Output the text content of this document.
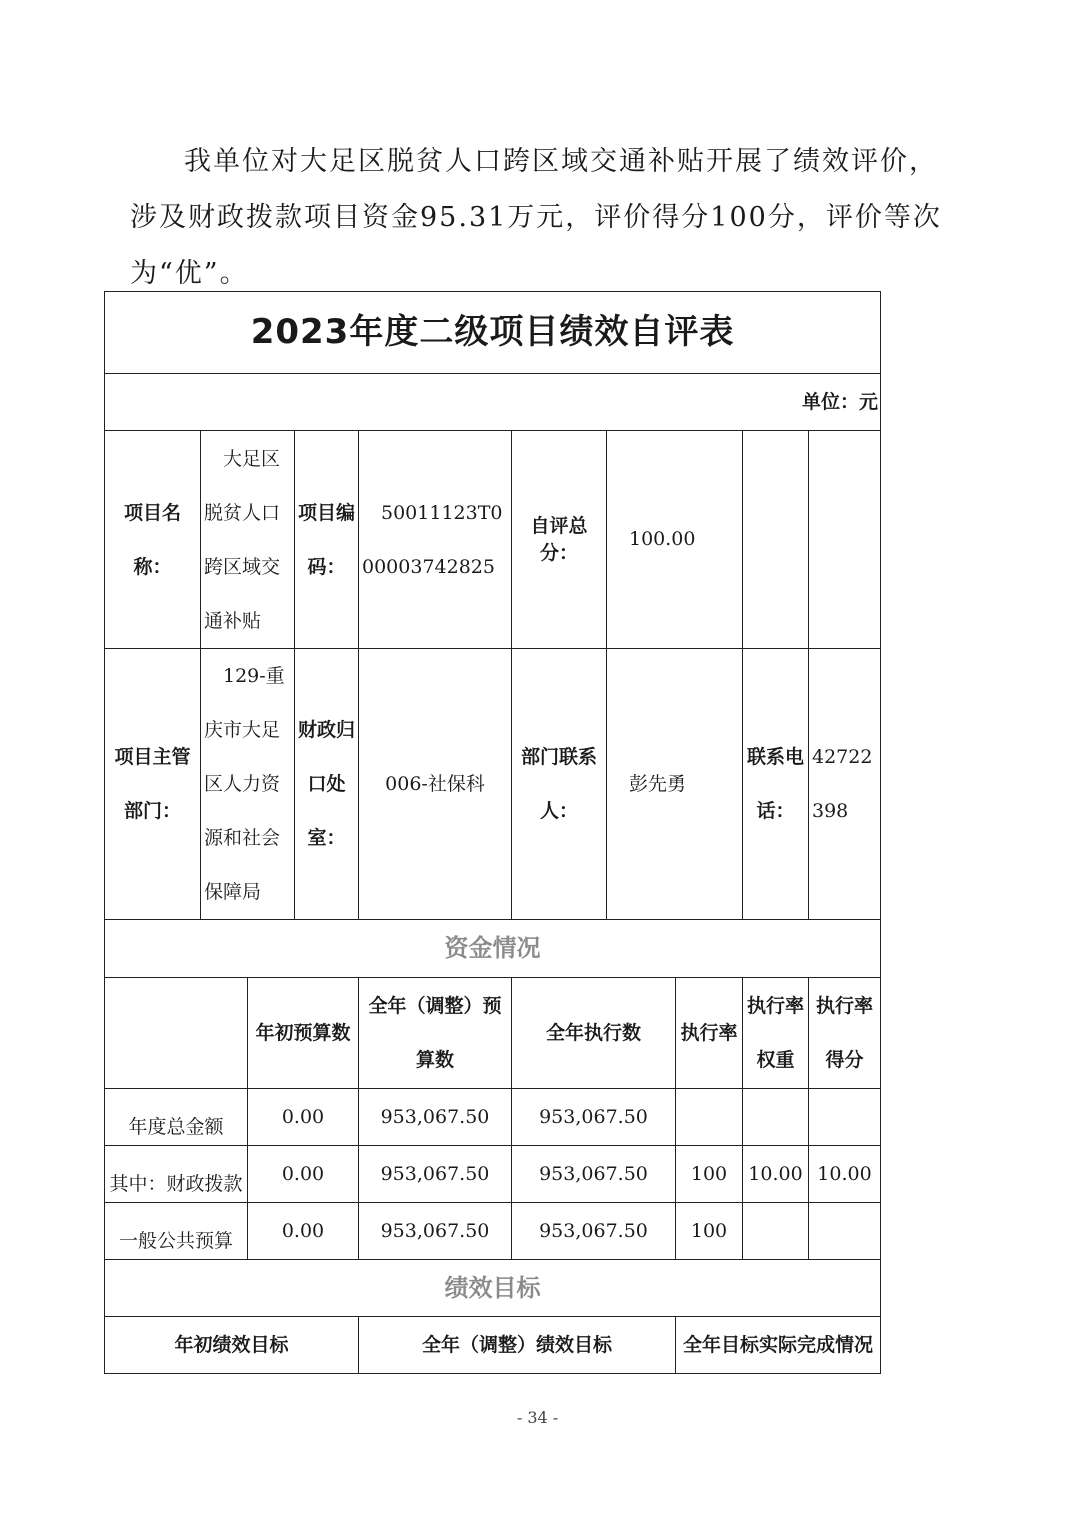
我单位对大足区脱贫人口跨区域交通补贴开展了绩效评价，涉及财政拨款项目资金95.31万元，评价得分100分，评价等次为“优”。

2023年度二级项目绩效自评表									
单位：元									
项目名称：	大足区脱贫人口跨区域交通补贴		项目编码：	50011123T000003742825	自评总分：	100.00			
项目主管部门：	129-重庆市大足区人力资源和社会保障局		财政归口处室：	006-社保科	部门联系人：	彭先勇		联系电话：	42722398
资金情况									
		年初预算数		全年（调整）预算数	全年执行数		执行率	执行率权重	执行率得分
年度总金额		0.00		953,067.50	953,067.50				
其中：财政拨款		0.00		953,067.50	953,067.50		100	10.00	10.00
一般公共预算		0.00		953,067.50	953,067.50		100		
绩效目标									
年初绩效目标				全年（调整）绩效目标			全年目标实际完成情况		
- 34 -
